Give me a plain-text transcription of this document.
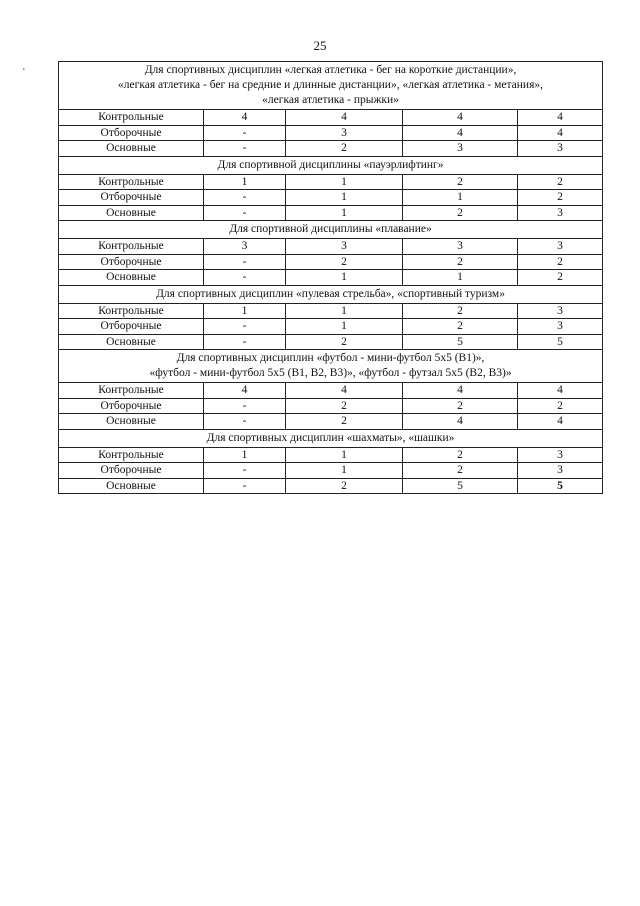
25
'	Для спортивных дисциплин «легкая атлетика - бег на короткие дистанции»,
«легкая атлетика - бег на средние и длинные дистанции», «легкая атлетика - метания»,
«легкая атлетика - прыжки»				

Контрольные	4	4	4	4
Отборочные	-	3	4	4
Основные	-	2	3	3

Для спортивной дисциплины «пауэрлифтинг»				

Контрольные	1	1	2	2
Отборочные	-	1	1	2
Основные	-	1	2	3

Для спортивной дисциплины «плавание»				

Контрольные	3	3	3	3
Отборочные	-	2	2	2
Основные	-	1	1	2

Для спортивных дисциплин «пулевая стрельба», «спортивный туризм»				

Контрольные	1	1	2	3
Отборочные	-	1	2	3
Основные	-	2	5	5

Для спортивных дисциплин «футбол - мини-футбол 5x5 (В1)»,
«футбол - мини-футбол 5x5 (В1, В2, В3)», «футбол - футзал 5x5 (В2, В3)»				

Контрольные	4	4	4	4
Отборочные	-	2	2	2
Основные	-	2	4	4

Для спортивных дисциплин «шахматы», «шашки»				

Контрольные	1	1	2	3
Отборочные	-	1	2	3
Основные	-	2	5	5
